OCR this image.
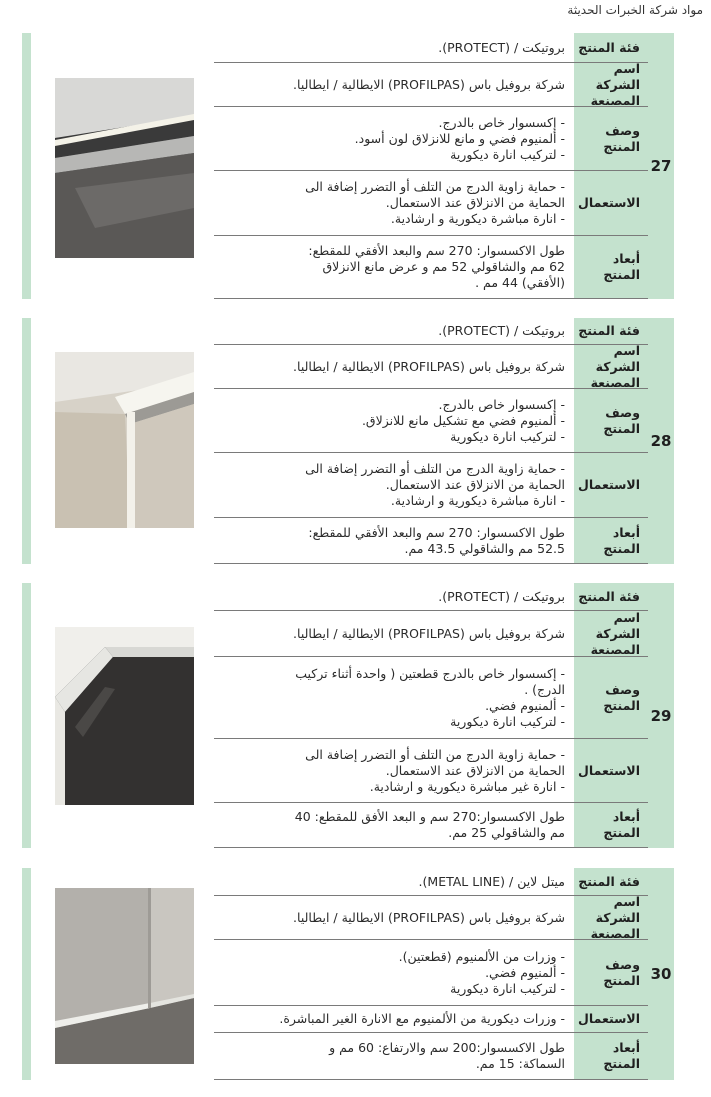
مواد شركة الخبرات الحديثة
27
فئة المنتج
بروتيكت / (PROTECT).
اسم الشركة
المصنعة
شركة بروفيل باس (PROFILPAS) الايطالية / ايطاليا.
وصف المنتج
- إكسسوار خاص بالدرج.
- ألمنيوم فضي و مانع للانزلاق لون أسود.
- لتركيب انارة ديكورية
الاستعمال
- حماية زاوية الدرج من التلف أو التضرر إضافة الى
الحماية من الانزلاق عند الاستعمال.
- انارة مباشرة ديكورية و ارشادية.
أبعاد المنتج
طول الاكسسوار: 270 سم والبعد الأفقي للمقطع:
62 مم والشاقولي 52 مم و عرض مانع الانزلاق
(الأفقي) 44 مم .
28
فئة المنتج
بروتيكت / (PROTECT).
اسم الشركة
المصنعة
شركة بروفيل باس (PROFILPAS) الايطالية / ايطاليا.
وصف المنتج
- إكسسوار خاص بالدرج.
- ألمنيوم فضي مع تشكيل مانع للانزلاق.
- لتركيب انارة ديكورية
الاستعمال
- حماية زاوية الدرج من التلف أو التضرر إضافة الى
الحماية من الانزلاق عند الاستعمال.
- انارة مباشرة ديكورية و ارشادية.
أبعاد المنتج
طول الاكسسوار: 270 سم والبعد الأفقي للمقطع:
52.5 مم والشاقولي 43.5 مم.
29
فئة المنتج
بروتيكت / (PROTECT).
اسم الشركة
المصنعة
شركة بروفيل باس (PROFILPAS) الايطالية / ايطاليا.
وصف المنتج
- إكسسوار خاص بالدرج قطعتين ( واحدة أثناء تركيب
الدرج) .
- ألمنيوم فضي.
- لتركيب انارة ديكورية
الاستعمال
- حماية زاوية الدرج من التلف أو التضرر إضافة الى
الحماية من الانزلاق عند الاستعمال.
- انارة غير مباشرة ديكورية و ارشادية.
أبعاد المنتج
طول الاكسسوار:270 سم و البعد الأفق للمقطع: 40
مم والشاقولي 25 مم.
30
فئة المنتج
ميتل لاين / (METAL LINE).
اسم الشركة
المصنعة
شركة بروفيل باس (PROFILPAS) الايطالية / ايطاليا.
وصف المنتج
- وزرات من الألمنيوم (قطعتين).
- ألمنيوم فضي.
- لتركيب انارة ديكورية
الاستعمال
- وزرات ديكورية من الألمنيوم مع الانارة الغير المباشرة.
أبعاد المنتج
طول الاكسسوار:200 سم والارتفاع: 60 مم و
السماكة: 15 مم.
